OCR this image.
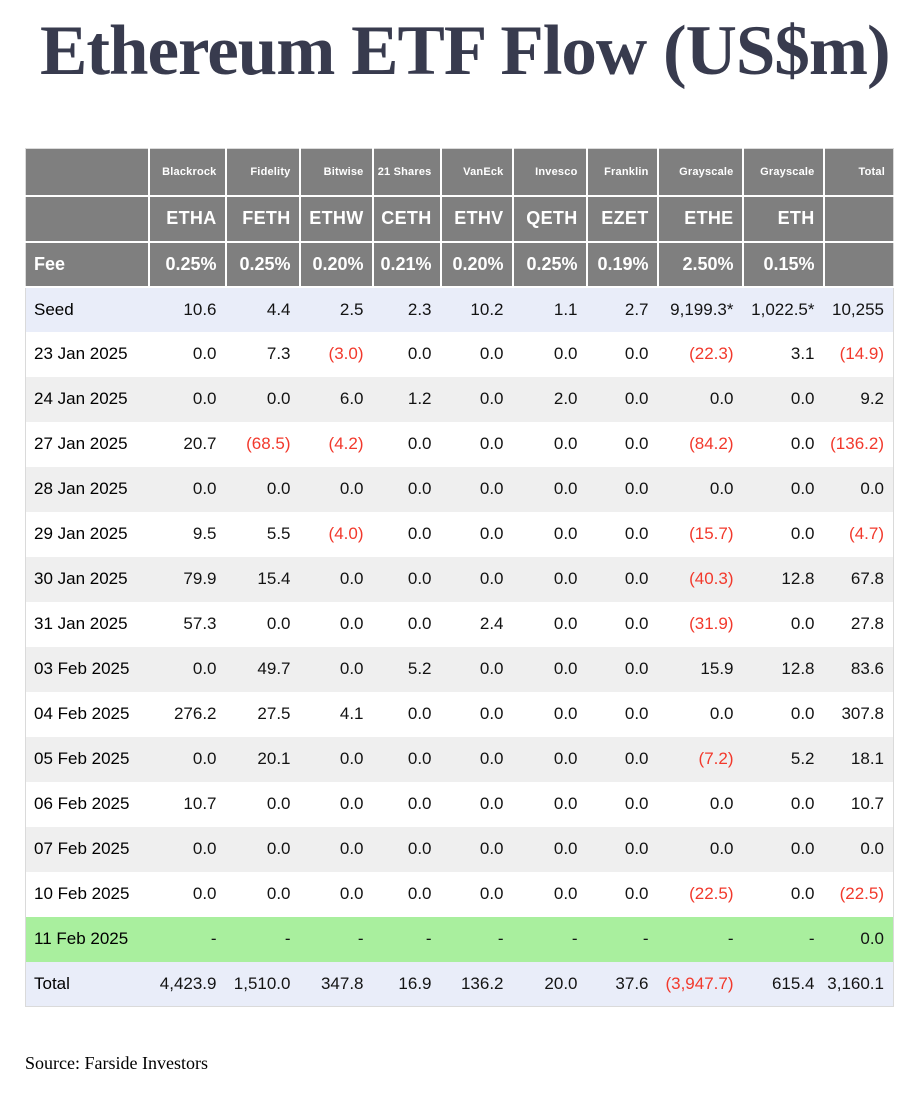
Ethereum ETF Flow (US$m)
	Blackrock	Fidelity	Bitwise	21 Shares	VanEck	Invesco	Franklin	Grayscale	Grayscale	Total
	ETHA	FETH	ETHW	CETH	ETHV	QETH	EZET	ETHE	ETH	
Fee	0.25%	0.25%	0.20%	0.21%	0.20%	0.25%	0.19%	2.50%	0.15%	
Seed	10.6	4.4	2.5	2.3	10.2	1.1	2.7	9,199.3*	1,022.5*	10,255
23 Jan 2025	0.0	7.3	(3.0)	0.0	0.0	0.0	0.0	(22.3)	3.1	(14.9)
24 Jan 2025	0.0	0.0	6.0	1.2	0.0	2.0	0.0	0.0	0.0	9.2
27 Jan 2025	20.7	(68.5)	(4.2)	0.0	0.0	0.0	0.0	(84.2)	0.0	(136.2)
28 Jan 2025	0.0	0.0	0.0	0.0	0.0	0.0	0.0	0.0	0.0	0.0
29 Jan 2025	9.5	5.5	(4.0)	0.0	0.0	0.0	0.0	(15.7)	0.0	(4.7)
30 Jan 2025	79.9	15.4	0.0	0.0	0.0	0.0	0.0	(40.3)	12.8	67.8
31 Jan 2025	57.3	0.0	0.0	0.0	2.4	0.0	0.0	(31.9)	0.0	27.8
03 Feb 2025	0.0	49.7	0.0	5.2	0.0	0.0	0.0	15.9	12.8	83.6
04 Feb 2025	276.2	27.5	4.1	0.0	0.0	0.0	0.0	0.0	0.0	307.8
05 Feb 2025	0.0	20.1	0.0	0.0	0.0	0.0	0.0	(7.2)	5.2	18.1
06 Feb 2025	10.7	0.0	0.0	0.0	0.0	0.0	0.0	0.0	0.0	10.7
07 Feb 2025	0.0	0.0	0.0	0.0	0.0	0.0	0.0	0.0	0.0	0.0
10 Feb 2025	0.0	0.0	0.0	0.0	0.0	0.0	0.0	(22.5)	0.0	(22.5)
11 Feb 2025	-	-	-	-	-	-	-	-	-	0.0
Total	4,423.9	1,510.0	347.8	16.9	136.2	20.0	37.6	(3,947.7)	615.4	3,160.1
Source: Farside Investors
